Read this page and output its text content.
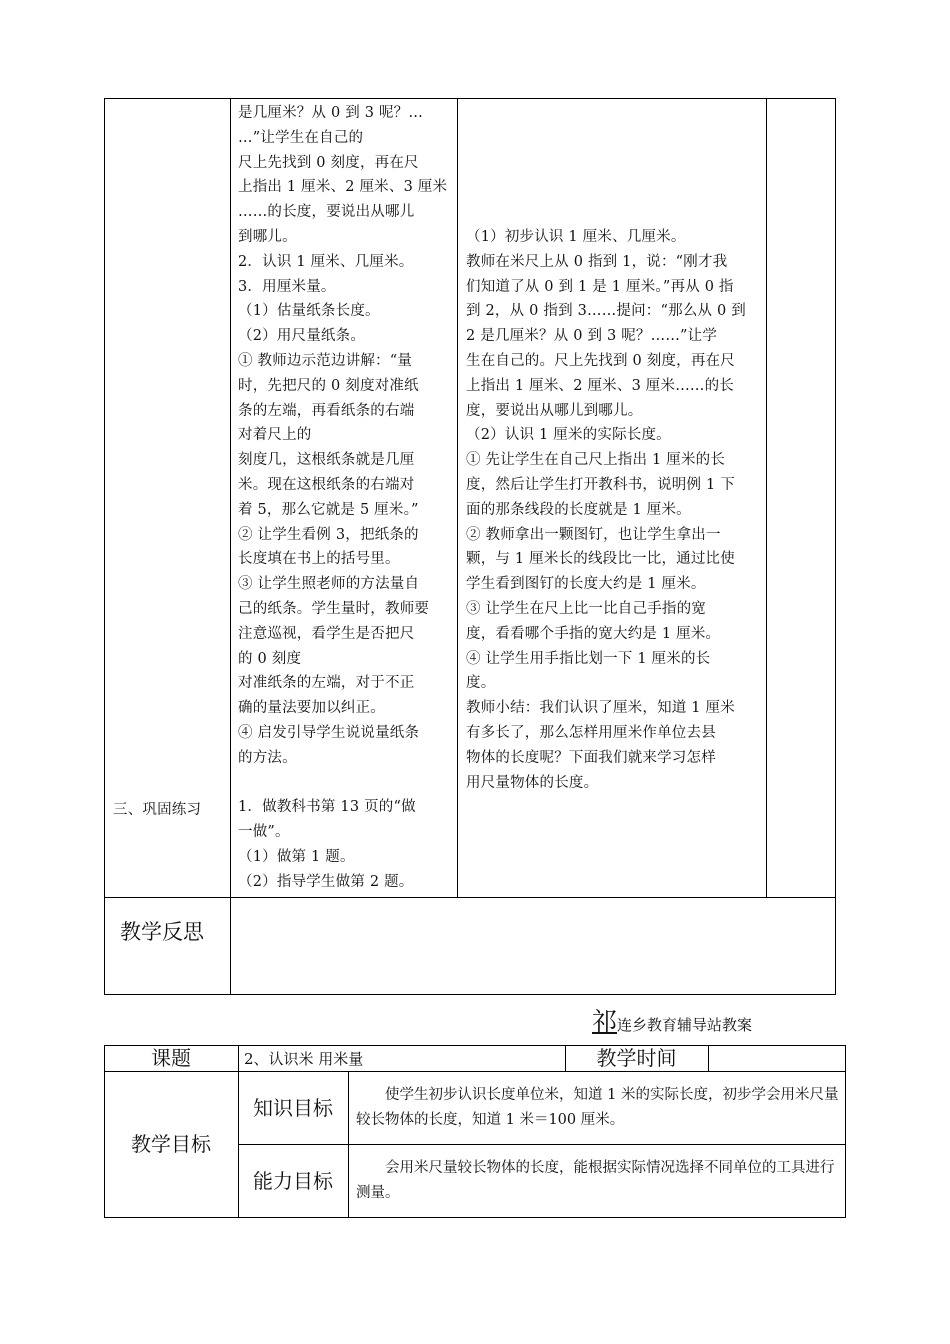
三、巩固练习

是几厘米？从 0 到 3 呢？…

…”让学生在自己的

尺上先找到 0 刻度，再在尺

上指出 1 厘米、2 厘米、3 厘米

……的长度，要说出从哪儿

到哪儿。

2．认识 1 厘米、几厘米。

3．用厘米量。

（1）估量纸条长度。

（2）用尺量纸条。

① 教师边示范边讲解：“量

时，先把尺的 0 刻度对准纸

条的左端，再看纸条的右端

对着尺上的

刻度几，这根纸条就是几厘

米。现在这根纸条的右端对

着 5，那么它就是 5 厘米。”

② 让学生看例 3，把纸条的

长度填在书上的括号里。

③ 让学生照老师的方法量自

己的纸条。学生量时，教师要

注意巡视，看学生是否把尺

的 0 刻度

对准纸条的左端，对于不正

确的量法要加以纠正。

④ 启发引导学生说说量纸条

的方法。

1．做教科书第 13 页的“做

一做”。

（1）做第 1 题。

（2）指导学生做第 2 题。

（1）初步认识 1 厘米、几厘米。

教师在米尺上从 0 指到 1，说：“刚才我

们知道了从 0 到 1 是 1 厘米。”再从 0 指

到 2，从 0 指到 3……提问：“那么从 0 到

2 是几厘米？从 0 到 3 呢？……”让学

生在自己的。尺上先找到 0 刻度，再在尺

上指出 1 厘米、2 厘米、3 厘米……的长

度，要说出从哪儿到哪儿。

（2）认识 1 厘米的实际长度。

① 先让学生在自己尺上指出 1 厘米的长

度，然后让学生打开教科书，说明例 1 下

面的那条线段的长度就是 1 厘米。

② 教师拿出一颗图钉，也让学生拿出一

颗，与 1 厘米长的线段比一比，通过比使

学生看到图钉的长度大约是 1 厘米。

③ 让学生在尺上比一比自己手指的宽

度，看看哪个手指的宽大约是 1 厘米。

④ 让学生用手指比划一下 1 厘米的长

度。

教师小结：我们认识了厘米，知道 1 厘米

有多长了，那么怎样用厘米作单位去县

物体的长度呢？下面我们就来学习怎样

用尺量物体的长度。

教学反思
祁连乡教育辅导站教案
课题	2、认识米 用米量	教学时间
教学目标
知识目标
能力目标
使学生初步认识长度单位米，知道 1 米的实际长度，初步学会用米尺量较长物体的长度，知道 1 米＝100 厘米。
会用米尺量较长物体的长度，能根据实际情况选择不同单位的工具进行测量。
